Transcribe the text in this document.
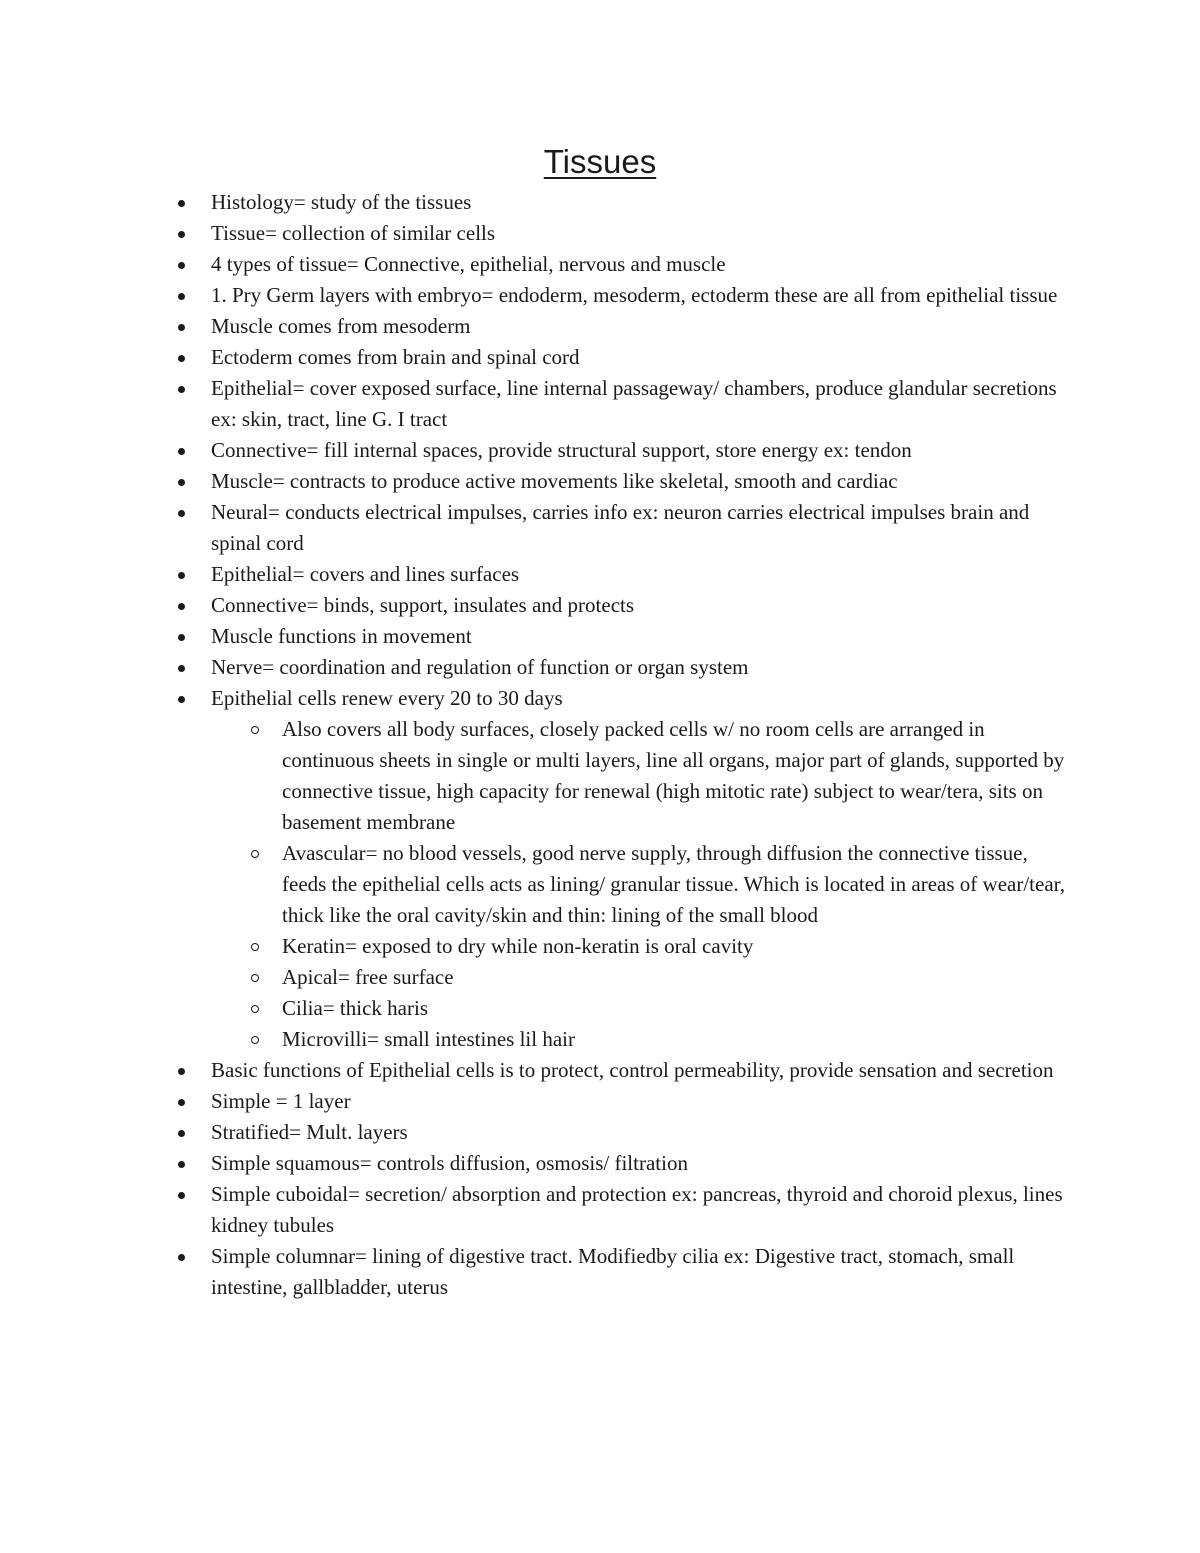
Tissues
Histology= study of the tissues
Tissue= collection of similar cells
4 types of tissue= Connective, epithelial, nervous and muscle
1. Pry Germ layers with embryo= endoderm, mesoderm, ectoderm these are all from epithelial tissue
Muscle comes from mesoderm
Ectoderm comes from brain and spinal cord
Epithelial= cover exposed surface, line internal passageway/ chambers, produce glandular secretions ex: skin, tract, line G. I tract
Connective= fill internal spaces, provide structural support, store energy ex: tendon
Muscle= contracts to produce active movements like skeletal, smooth and cardiac
Neural= conducts electrical impulses, carries info ex: neuron carries electrical impulses brain and spinal cord
Epithelial= covers and lines surfaces
Connective= binds, support, insulates and protects
Muscle functions in movement
Nerve= coordination and regulation of function or organ system
Epithelial cells renew every 20 to 30 days
Also covers all body surfaces, closely packed cells w/ no room cells are arranged in continuous sheets in single or multi layers, line all organs, major part of glands, supported by connective tissue, high capacity for renewal (high mitotic rate) subject to wear/tera, sits on basement membrane
Avascular= no blood vessels, good nerve supply, through diffusion the connective tissue, feeds the epithelial cells acts as lining/ granular tissue. Which is located in areas of wear/tear, thick like the oral cavity/skin and thin: lining of the small blood
Keratin= exposed to dry while non-keratin is oral cavity
Apical= free surface
Cilia= thick haris
Microvilli= small intestines lil hair
Basic functions of Epithelial cells is to protect, control permeability, provide sensation and secretion
Simple = 1 layer
Stratified= Mult. layers
Simple squamous= controls diffusion, osmosis/ filtration
Simple cuboidal= secretion/ absorption and protection ex: pancreas, thyroid and choroid plexus, lines kidney tubules
Simple columnar= lining of digestive tract. Modifiedby cilia ex: Digestive tract, stomach, small intestine, gallbladder, uterus
